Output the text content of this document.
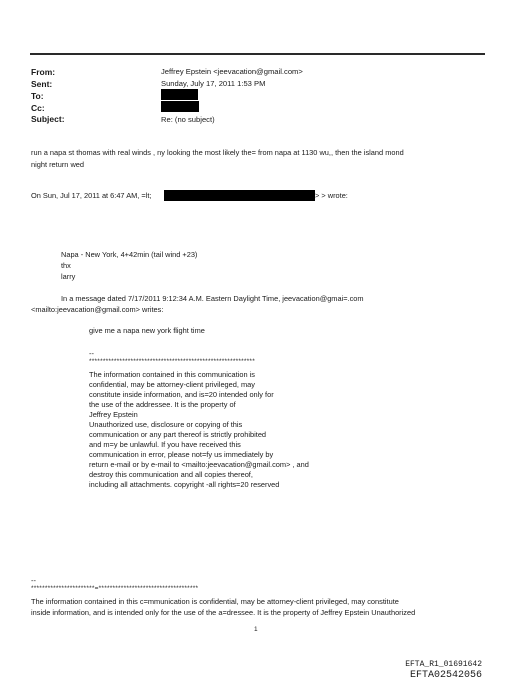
From:	Jeffrey Epstein <jeevacation@gmail.com>
Sent:	Sunday, July 17, 2011 1:53 PM
To:
Cc:
Subject:	Re: (no subject)
run a napa st thomas with real winds , ny looking the most likely the= from napa at 1130 wu,, then the island mond
night return wed
On Sun, Jul 17, 2011 at 6:47 AM, =lt;	> > wrote:
Napa - New York, 4+42min (tail wind +23)
thx
larry
In a message dated 7/17/2011 9:12:34 A.M. Eastern Daylight Time, jeevacation@gmai=.com
<mailto:jeevacation@gmail.com> writes:
give me a napa new york flight time
--
************************************************************
The information contained in this communication is
confidential, may be attorney-client privileged, may
constitute inside information, and is=20 intended only for
the use of the addressee. It is the property of
Jeffrey Epstein
Unauthorized use, disclosure or copying of this
communication or any part thereof is strictly prohibited
and m=y be unlawful. If you have received this
communication in error, please not=fy us immediately by
return e-mail or by e-mail to <mailto:jeevacation@gmail.com> , and
destroy this communication and all copies thereof,
including all attachments. copyright -all rights=20 reserved
--
***********************=************************************
The information contained in this c=mmunication is confidential, may be attorney-client privileged, may constitute
inside information, and is intended only for the use of the a=dressee. It is the property of Jeffrey Epstein Unauthorized
1
EFTA_R1_01691642
EFTA02542056
